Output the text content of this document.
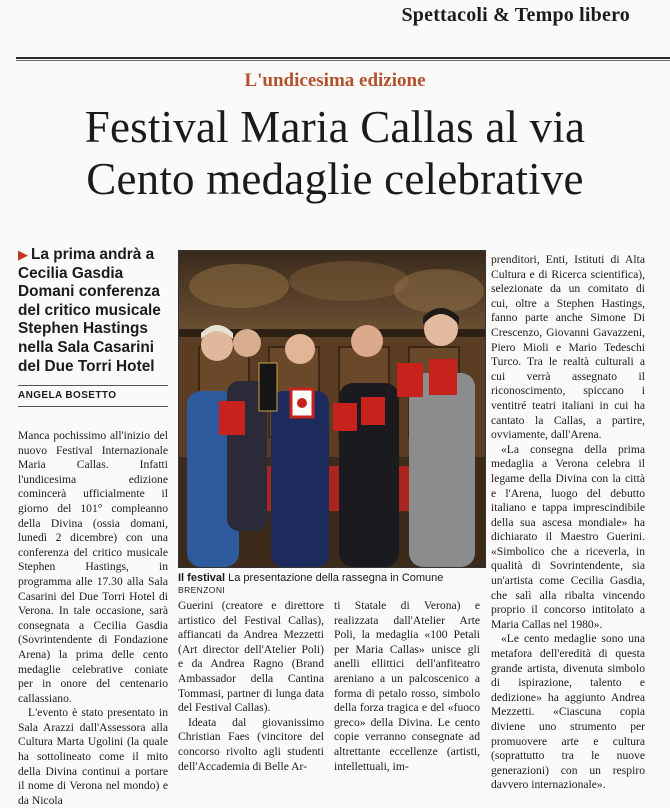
Spettacoli & Tempo libero
L'undicesima edizione
Festival Maria Callas al via
Cento medaglie celebrative
▶ La prima andrà a Cecilia Gasdia Domani conferenza del critico musicale Stephen Hastings nella Sala Casarini del Due Torri Hotel
ANGELA BOSETTO

Manca pochissimo all'inizio del nuovo Festival Internazionale Maria Callas. Infatti l'undicesima edizione comincerà ufficialmente il giorno del 101° compleanno della Divina (ossia domani, lunedì 2 dicembre) con una conferenza del critico musicale Stephen Hastings, in programma alle 17.30 alla Sala Casarini del Due Torri Hotel di Verona. In tale occasione, sarà consegnata a Cecilia Gasdia (Sovrintendente di Fondazione Arena) la prima delle cento medaglie celebrative coniate per in onore del centenario callassiano.

L'evento è stato presentato in Sala Arazzi dall'Assessora alla Cultura Marta Ugolini (la quale ha sottolineato come il mito della Divina continui a portare il nome di Verona nel mondo) e da Nicola

Il festival La presentazione della rassegna in Comune BRENZONI

Guerini (creatore e direttore artistico del Festival Callas), affiancati da Andrea Mezzetti (Art director dell'Atelier Poli) e da Andrea Ragno (Brand Ambassador della Cantina Tommasi, partner di lunga data del Festival Callas).

Ideata dal giovanissimo Christian Faes (vincitore del concorso rivolto agli studenti dell'Accademia di Belle Ar-

ti Statale di Verona) e realizzata dall'Atelier Arte Poli, la medaglia «100 Petali per Maria Callas» unisce gli anelli ellittici dell'anfiteatro areniano a un palcoscenico a forma di petalo rosso, simbolo della forza tragica e del «fuoco greco» della Divina. Le cento copie verranno consegnate ad altrettante eccellenze (artisti, intellettuali, im-

prenditori, Enti, Istituti di Alta Cultura e di Ricerca scientifica), selezionate da un comitato di cui, oltre a Stephen Hastings, fanno parte anche Simone Di Crescenzo, Giovanni Gavazzeni, Piero Mioli e Mario Tedeschi Turco. Tra le realtà culturali a cui verrà assegnato il riconoscimento, spiccano i ventitré teatri italiani in cui ha cantato la Callas, a partire, ovviamente, dall'Arena.

«La consegna della prima medaglia a Verona celebra il legame della Divina con la città e l'Arena, luogo del debutto italiano e tappa imprescindibile della sua ascesa mondiale» ha dichiarato il Maestro Guerini. «Simbolico che a riceverla, in qualità di Sovrintendente, sia un'artista come Cecilia Gasdia, che salì alla ribalta vincendo proprio il concorso intitolato a Maria Callas nel 1980».

«Le cento medaglie sono una metafora dell'eredità di questa grande artista, divenuta simbolo di ispirazione, talento e dedizione» ha aggiunto Andrea Mezzetti. «Ciascuna copia diviene uno strumento per promuovere arte e cultura (soprattutto tra le nuove generazioni) con un respiro davvero internazionale».
